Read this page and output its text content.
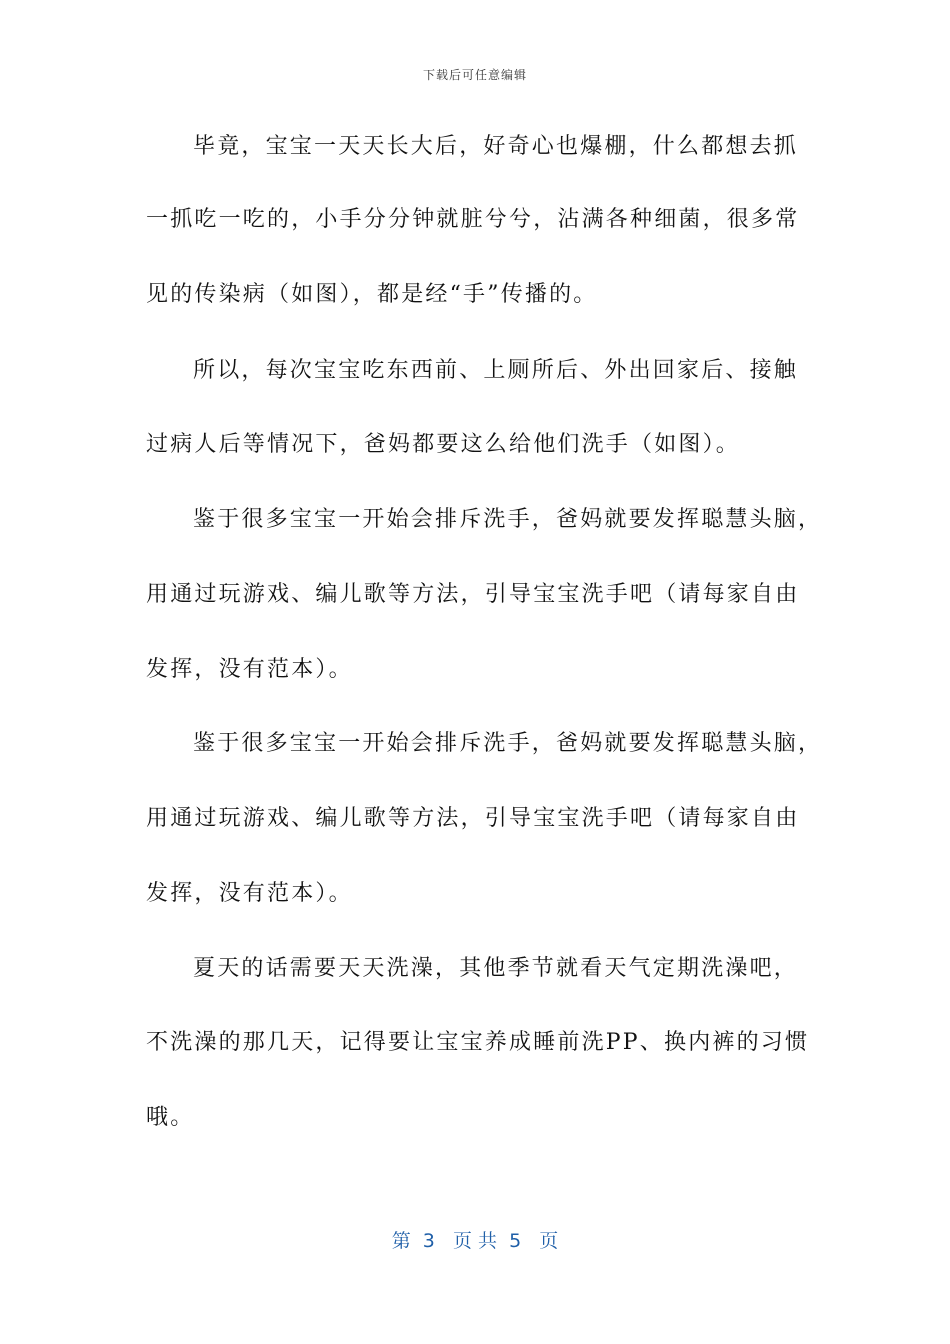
下载后可任意编辑
毕竟，宝宝一天天长大后，好奇心也爆棚，什么都想去抓
一抓吃一吃的，小手分分钟就脏兮兮，沾满各种细菌，很多常
见的传染病（如图），都是经“手”传播的。
所以，每次宝宝吃东西前、上厕所后、外出回家后、接触
过病人后等情况下，爸妈都要这么给他们洗手（如图）。
鉴于很多宝宝一开始会排斥洗手，爸妈就要发挥聪慧头脑，
用通过玩游戏、编儿歌等方法，引导宝宝洗手吧（请每家自由
发挥，没有范本）。
鉴于很多宝宝一开始会排斥洗手，爸妈就要发挥聪慧头脑，
用通过玩游戏、编儿歌等方法，引导宝宝洗手吧（请每家自由
发挥，没有范本）。
夏天的话需要天天洗澡，其他季节就看天气定期洗澡吧，
不洗澡的那几天，记得要让宝宝养成睡前洗PP、换内裤的习惯
哦。
第  3   页 共  5   页
